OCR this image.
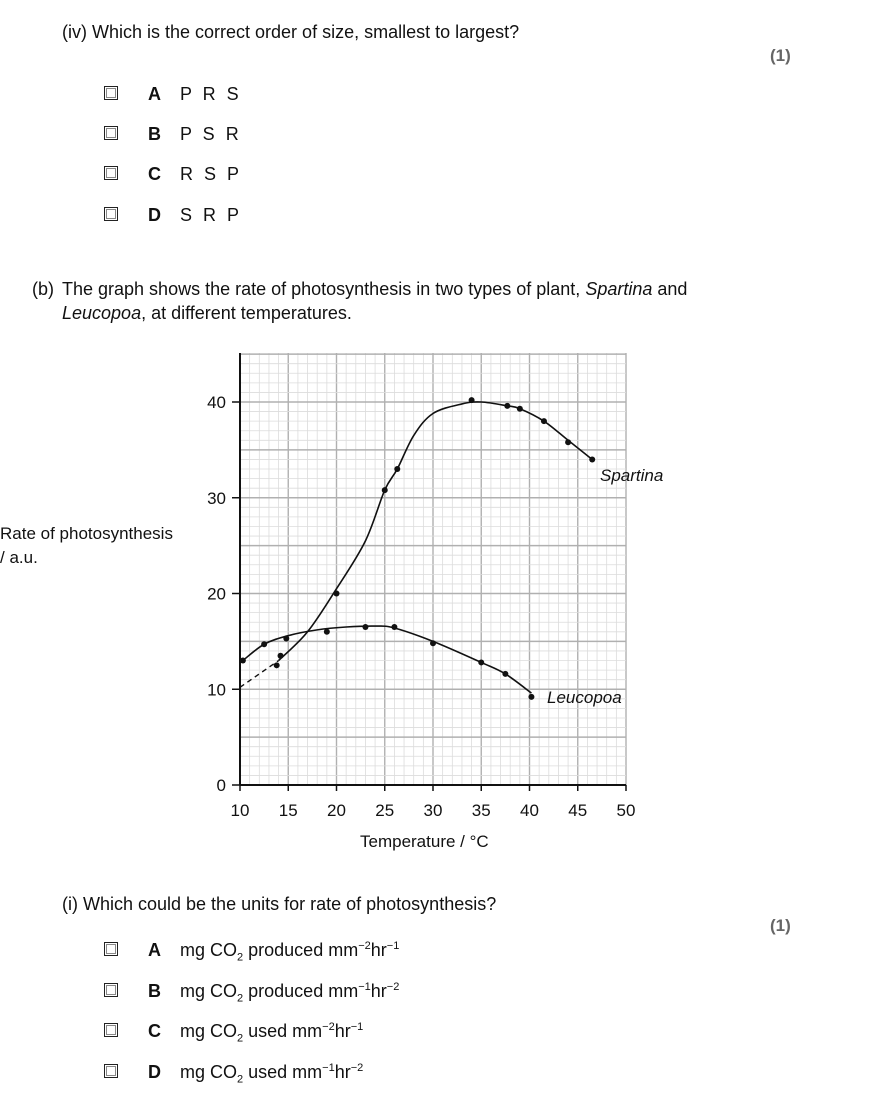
(iv) Which is the correct order of size, smallest to largest?
(1)
A P R S
B P S R
C R S P
D S R P
(b) The graph shows the rate of photosynthesis in two types of plant, Spartina and
Leucopoa, at different temperatures.
10 15 20 25 30 35 40 45 50
0
10
20
30
40
Rate of photosynthesis
/ a.u.
Temperature / °C
Spartina
Leucopoa
(i) Which could be the units for rate of photosynthesis?
(1)
A mg $CO_2$ produced $mm^{-2}hr^{-1}$
B mg $CO_2$ produced $mm^{-1}hr^{-2}$
C mg $CO_2$ used $mm^{-2}hr^{-1}$
D mg $CO_2$ used $mm^{-1}hr^{-2}$
